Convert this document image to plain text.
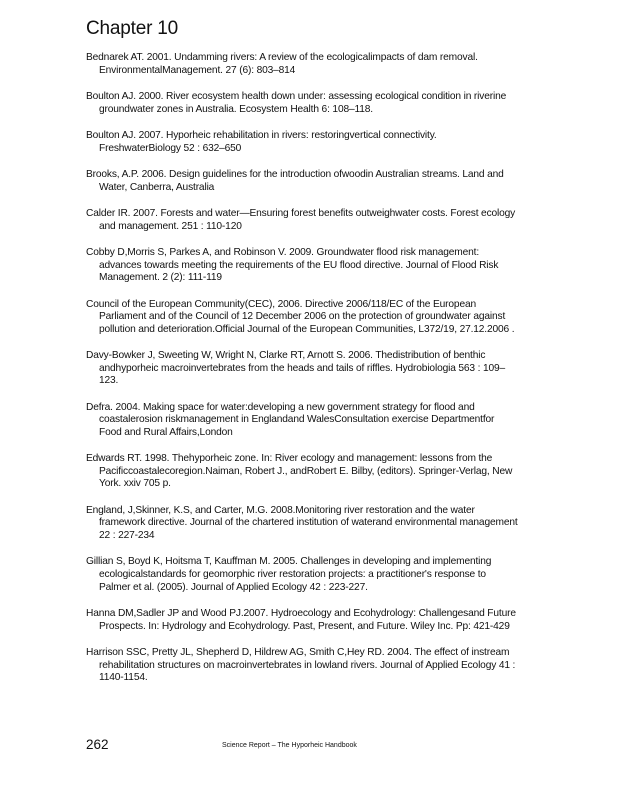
Chapter 10

Bednarek AT. 2001. Undamming rivers: A review of the ecologicalimpacts of dam removal. EnvironmentalManagement. 27 (6): 803–814

Boulton AJ. 2000. River ecosystem health down under: assessing ecological condition in riverine groundwater zones in Australia. Ecosystem Health 6: 108–118.

Boulton AJ. 2007. Hyporheic rehabilitation in rivers: restoringvertical connectivity. FreshwaterBiology 52 : 632–650

Brooks, A.P. 2006. Design guidelines for the introduction ofwoodin Australian streams. Land and Water, Canberra, Australia

Calder IR. 2007. Forests and water—Ensuring forest benefits outweighwater costs. Forest ecology and management. 251 : 110-120

Cobby D,Morris S, Parkes A, and Robinson V. 2009. Groundwater flood risk management: advances towards meeting the requirements of the EU flood directive. Journal of Flood Risk Management. 2 (2): 111-119

Council of the European Community(CEC), 2006. Directive 2006/118/EC of the European Parliament and of the Council of 12 December 2006 on the protection of groundwater against pollution and deterioration.Official Journal of the European Communities, L372/19, 27.12.2006 .

Davy-Bowker J, Sweeting W, Wright N, Clarke RT, Arnott S. 2006. Thedistribution of benthic andhyporheic macroinvertebrates from the heads and tails of riffles. Hydrobiologia 563 : 109–123.

Defra. 2004. Making space for water:developing a new government strategy for flood and coastalerosion riskmanagement in Englandand WalesConsultation exercise Departmentfor Food and Rural Affairs,London

Edwards RT. 1998. Thehyporheic zone. In: River ecology and management: lessons from the Pacificcoastalecoregion.Naiman, Robert J., andRobert E. Bilby, (editors). Springer-Verlag, New York. xxiv 705 p.

England, J,Skinner, K.S, and Carter, M.G. 2008.Monitoring river restoration and the water framework directive. Journal of the chartered institution of waterand environmental management 22 : 227-234

Gillian S, Boyd K, Hoitsma T, Kauffman M. 2005. Challenges in developing and implementing ecologicalstandards for geomorphic river restoration projects: a practitioner's response to Palmer et al. (2005). Journal of Applied Ecology 42 : 223-227.

Hanna DM,Sadler JP and Wood PJ.2007. Hydroecology and Ecohydrology: Challengesand Future Prospects. In: Hydrology and Ecohydrology. Past, Present, and Future. Wiley Inc. Pp: 421-429

Harrison SSC, Pretty JL, Shepherd D, Hildrew AG, Smith C,Hey RD. 2004. The effect of instream rehabilitation structures on macroinvertebrates in lowland rivers. Journal of Applied Ecology 41 : 1140-1154.

262	Science Report – The Hyporheic Handbook
